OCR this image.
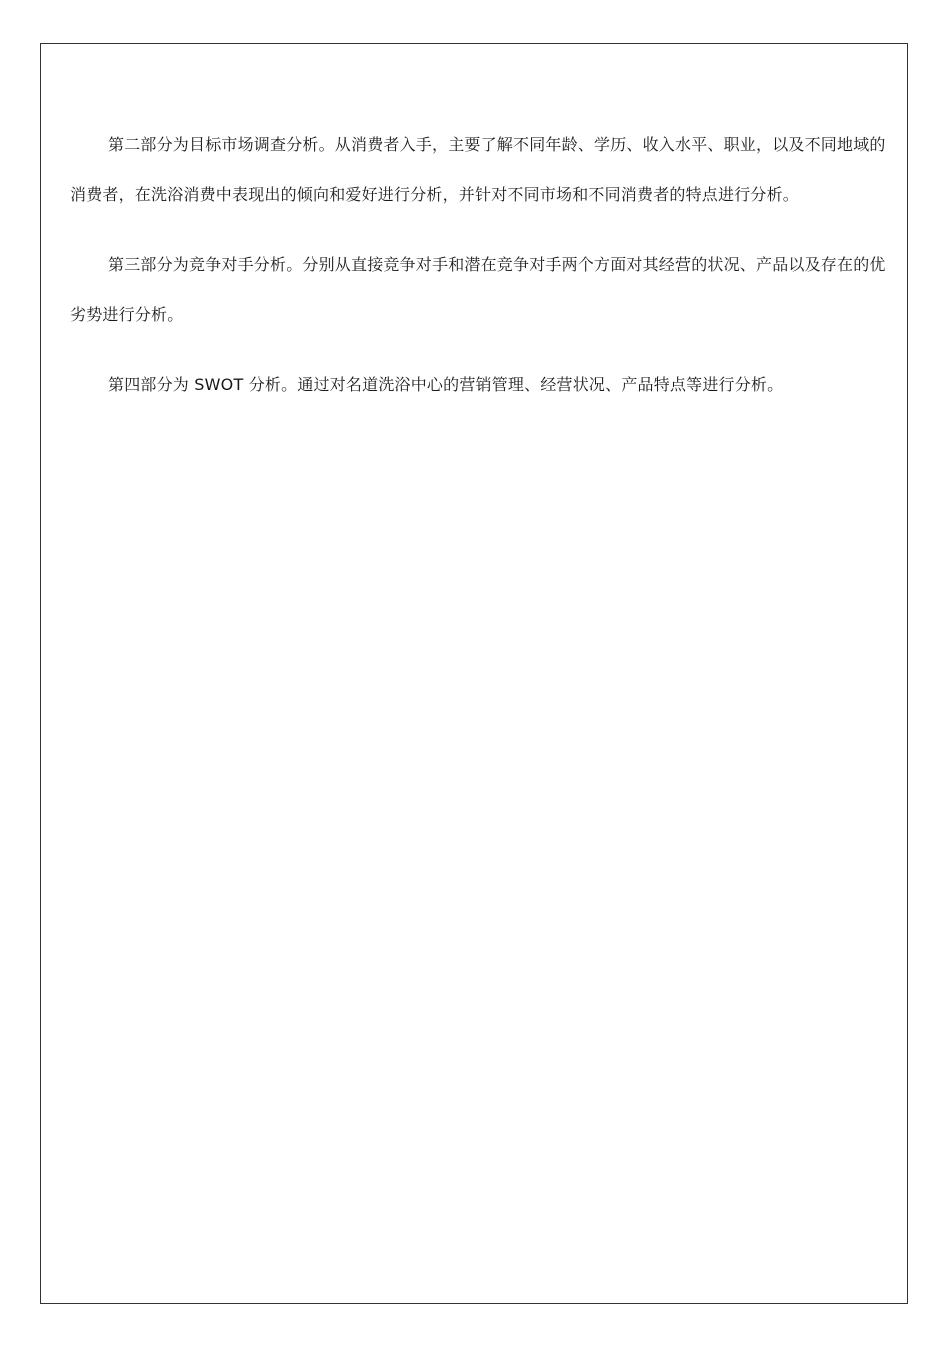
第二部分为目标市场调查分析。从消费者入手，主要了解不同年龄、学历、收入水平、职业，以及不同地域的消费者，在洗浴消费中表现出的倾向和爱好进行分析，并针对不同市场和不同消费者的特点进行分析。

第三部分为竞争对手分析。分别从直接竞争对手和潜在竞争对手两个方面对其经营的状况、产品以及存在的优劣势进行分析。

第四部分为 SWOT 分析。通过对名道洗浴中心的营销管理、经营状况、产品特点等进行分析。
